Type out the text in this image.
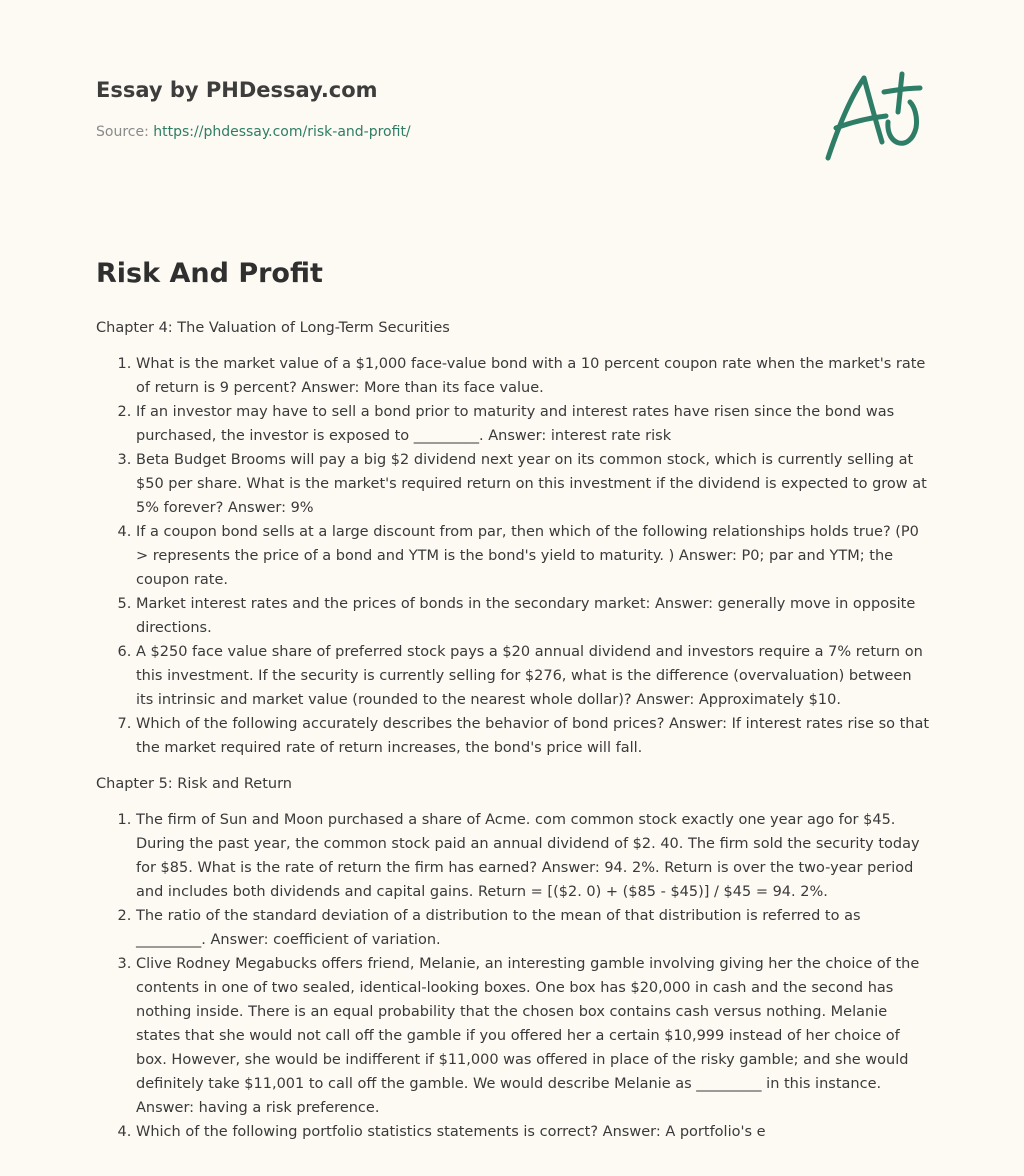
Essay by PHDessay.com
Source: https://phdessay.com/risk-and-profit/
Risk And Profit

Chapter 4: The Valuation of Long-Term Securities

1. What is the market value of a $1,000 face-value bond with a 10 percent coupon rate when the market's rate of return is 9 percent? Answer: More than its face value.
2. If an investor may have to sell a bond prior to maturity and interest rates have risen since the bond was purchased, the investor is exposed to _________. Answer: interest rate risk
3. Beta Budget Brooms will pay a big $2 dividend next year on its common stock, which is currently selling at $50 per share. What is the market's required return on this investment if the dividend is expected to grow at 5% forever? Answer: 9%
4. If a coupon bond sells at a large discount from par, then which of the following relationships holds true? (P0 > represents the price of a bond and YTM is the bond's yield to maturity. ) Answer: P0; par and YTM; the coupon rate.
5. Market interest rates and the prices of bonds in the secondary market: Answer: generally move in opposite directions.
6. A $250 face value share of preferred stock pays a $20 annual dividend and investors require a 7% return on this investment. If the security is currently selling for $276, what is the difference (overvaluation) between its intrinsic and market value (rounded to the nearest whole dollar)? Answer: Approximately $10.
7. Which of the following accurately describes the behavior of bond prices? Answer: If interest rates rise so that the market required rate of return increases, the bond's price will fall.

Chapter 5: Risk and Return

1. The firm of Sun and Moon purchased a share of Acme. com common stock exactly one year ago for $45. During the past year, the common stock paid an annual dividend of $2. 40. The firm sold the security today for $85. What is the rate of return the firm has earned? Answer: 94. 2%. Return is over the two-year period and includes both dividends and capital gains. Return = [($2. 0) + ($85 - $45)] / $45 = 94. 2%.
2. The ratio of the standard deviation of a distribution to the mean of that distribution is referred to as _________. Answer: coefficient of variation.
3. Clive Rodney Megabucks offers friend, Melanie, an interesting gamble involving giving her the choice of the contents in one of two sealed, identical-looking boxes. One box has $20,000 in cash and the second has nothing inside. There is an equal probability that the chosen box contains cash versus nothing. Melanie states that she would not call off the gamble if you offered her a certain $10,999 instead of her choice of box. However, she would be indifferent if $11,000 was offered in place of the risky gamble; and she would definitely take $11,001 to call off the gamble. We would describe Melanie as _________ in this instance. Answer: having a risk preference.
4. Which of the following portfolio statistics statements is correct? Answer: A portfolio's e
